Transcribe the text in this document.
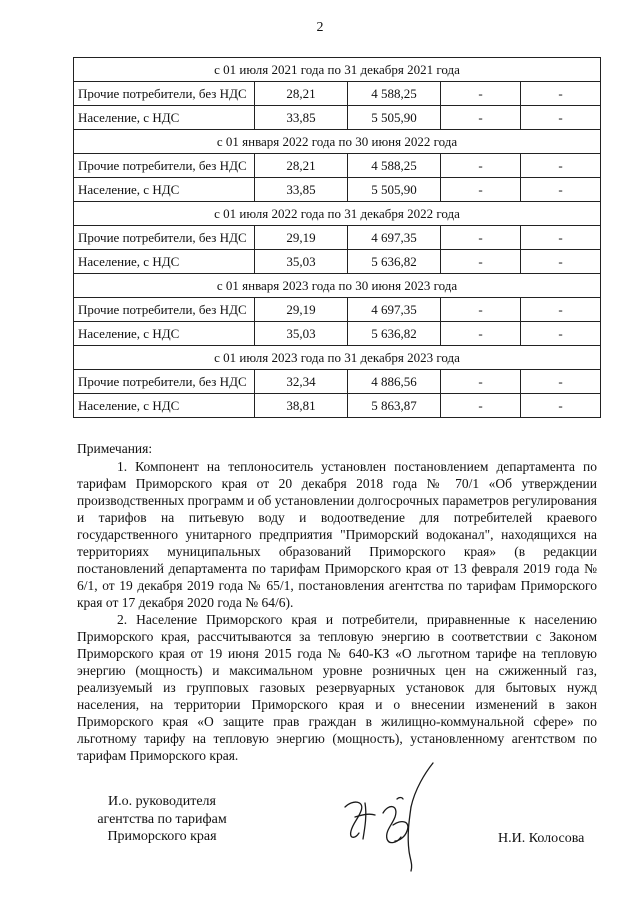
2
с 01 июля 2021 года по 31 декабря 2021 года				
Прочие потребители, без НДС	28,21	4 588,25	-	-
Население, с НДС	33,85	5 505,90	-	-
с 01 января 2022 года по 30 июня 2022 года				
Прочие потребители, без НДС	28,21	4 588,25	-	-
Население, с НДС	33,85	5 505,90	-	-
с 01 июля 2022 года по 31 декабря 2022 года				
Прочие потребители, без НДС	29,19	4 697,35	-	-
Население, с НДС	35,03	5 636,82	-	-
с 01 января 2023 года по 30 июня 2023 года				
Прочие потребители, без НДС	29,19	4 697,35	-	-
Население, с НДС	35,03	5 636,82	-	-
с 01 июля 2023 года по 31 декабря 2023 года				
Прочие потребители, без НДС	32,34	4 886,56	-	-
Население, с НДС	38,81	5 863,87	-	-
Примечания:

1. Компонент на теплоноситель установлен постановлением департамента по тарифам Приморского края от 20 декабря 2018 года № 70/1 «Об утверждении производственных программ и об установлении долгосрочных параметров регулирования и тарифов на питьевую воду и водоотведение для потребителей краевого государственного унитарного предприятия "Приморский водоканал", находящихся на территориях муниципальных образований Приморского края» (в редакции постановлений департамента по тарифам Приморского края от 13 февраля 2019 года № 6/1, от 19 декабря 2019 года № 65/1, постановления агентства по тарифам Приморского края от 17 декабря 2020 года № 64/6).

2. Население Приморского края и потребители, приравненные к населению Приморского края, рассчитываются за тепловую энергию в соответствии с Законом Приморского края от 19 июня 2015 года № 640-КЗ «О льготном тарифе на тепловую энергию (мощность) и максимальном уровне розничных цен на сжиженный газ, реализуемый из групповых газовых резервуарных установок для бытовых нужд населения, на территории Приморского края и о внесении изменений в закон Приморского края «О защите прав граждан в жилищно-коммунальной сфере» по льготному тарифу на тепловую энергию (мощность), установленному агентством по тарифам Приморского края.

И.о. руководителя
агентства по тарифам
Приморского края	Н.И. Колосова
